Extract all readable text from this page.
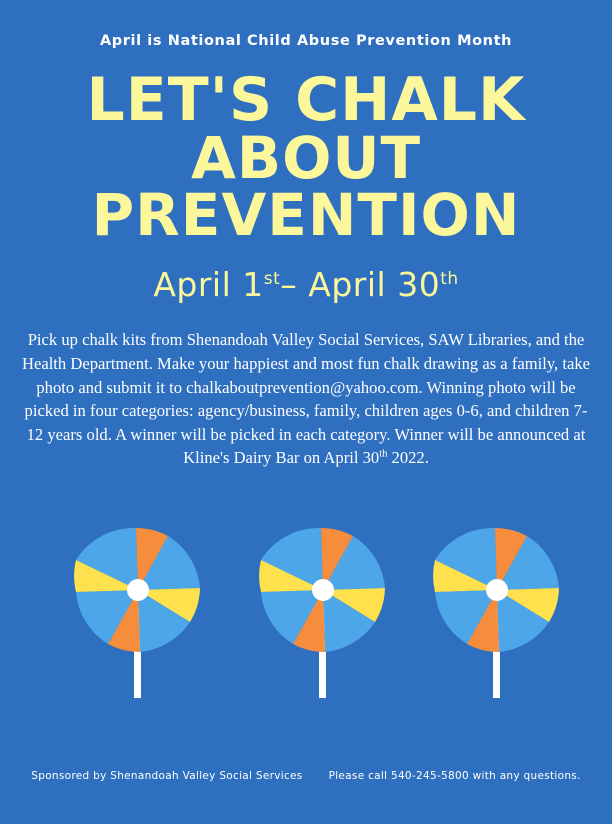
April is National Child Abuse Prevention Month
LET'S CHALK
ABOUT
PREVENTION
April 1st– April 30th

Pick up chalk kits from Shenandoah Valley Social Services, SAW Libraries, and the Health Department. Make your happiest and most fun chalk drawing as a family, take photo and submit it to chalkaboutprevention@yahoo.com. Winning photo will be picked in four categories: agency/business, family, children ages 0-6, and children 7-12 years old. A winner will be picked in each category. Winner will be announced at Kline's Dairy Bar on April 30th 2022.

Sponsored by Shenandoah Valley Social Services Please call 540-245-5800 with any questions.
